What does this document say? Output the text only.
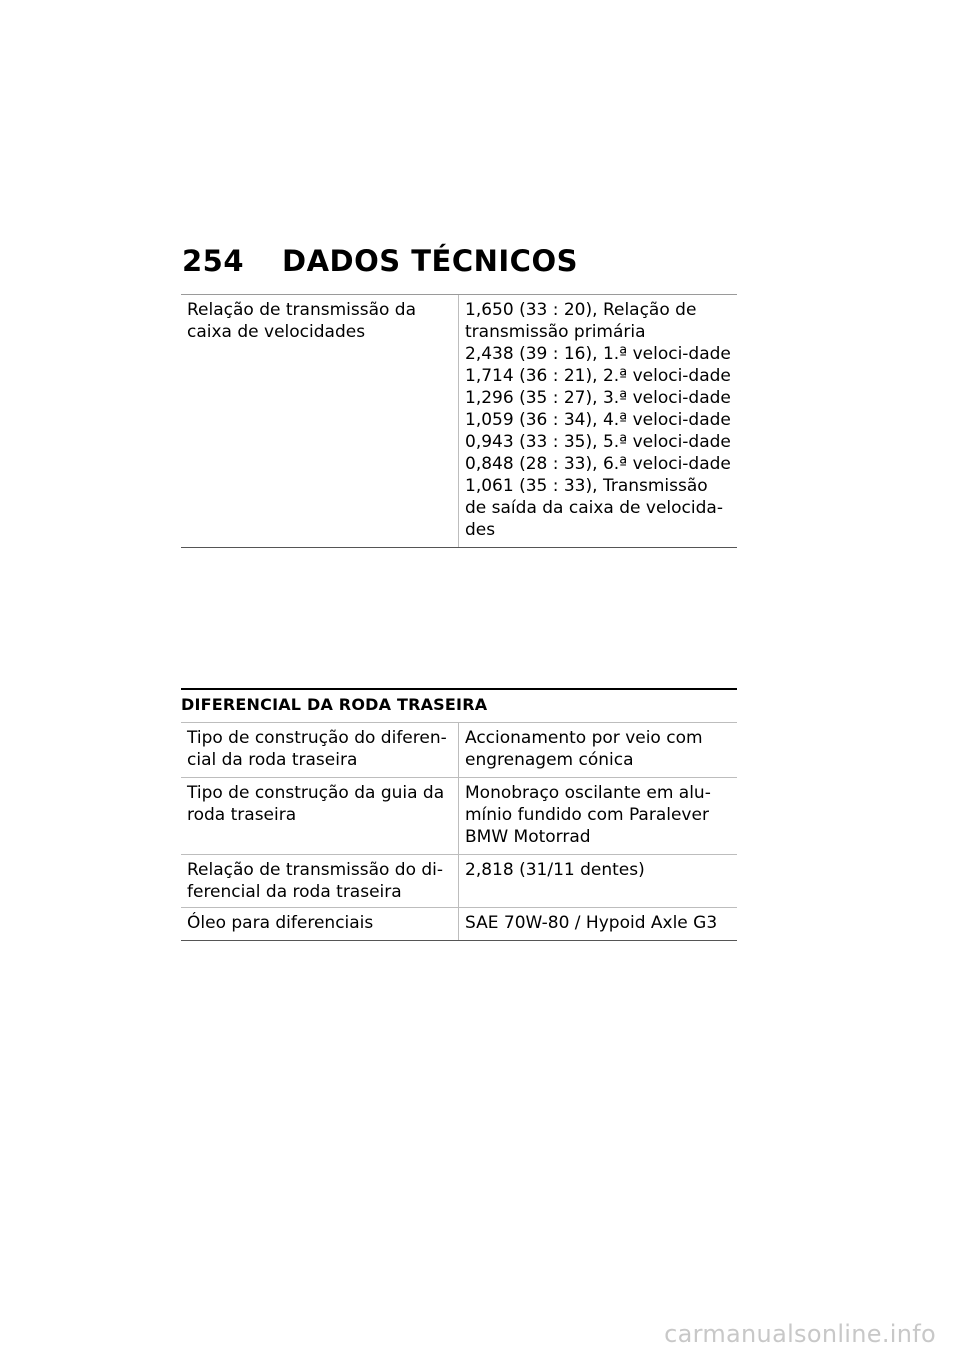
254	DADOS TÉCNICOS
Relação de transmissão da caixa de velocidades
1,650 (33 : 20), Relação de transmissão primária
2,438 (39 : 16), 1.ª veloci-dade
1,714 (36 : 21), 2.ª veloci-dade
1,296 (35 : 27), 3.ª veloci-dade
1,059 (36 : 34), 4.ª veloci-dade
0,943 (33 : 35), 5.ª veloci-dade
0,848 (28 : 33), 6.ª veloci-dade
1,061 (35 : 33), Transmissão de saída da caixa de velocida-des
DIFERENCIAL DA RODA TRASEIRA
Tipo de construção do diferen-cial da roda traseira
Accionamento por veio com engrenagem cónica
Tipo de construção da guia da roda traseira
Monobraço oscilante em alu-mínio fundido com Paralever BMW Motorrad
Relação de transmissão do di-ferencial da roda traseira
2,818 (31/11 dentes)
Óleo para diferenciais	SAE 70W-80 / Hypoid Axle G3
carmanualsonline.info
